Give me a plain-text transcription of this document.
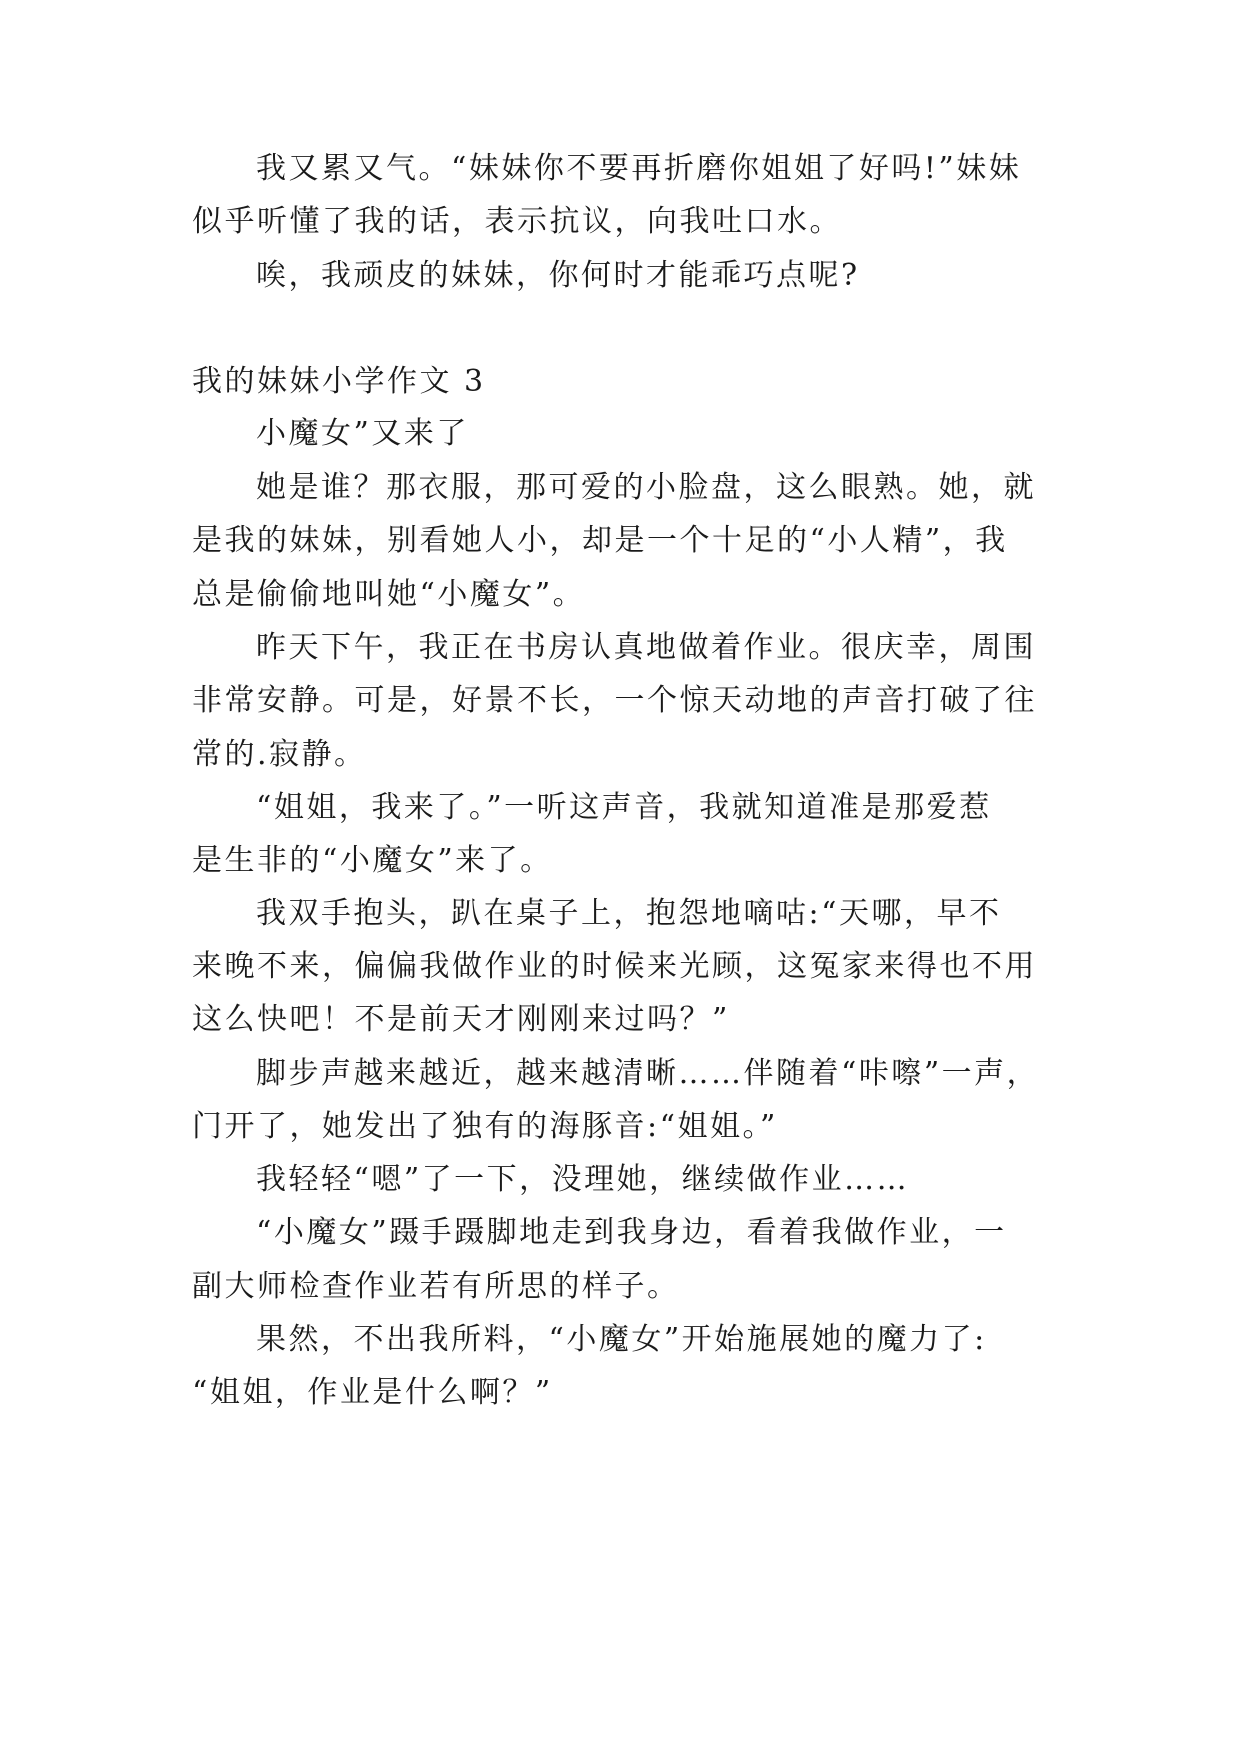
我又累又气。“妹妹你不要再折磨你姐姐了好吗!”妹妹
似乎听懂了我的话，表示抗议，向我吐口水。
唉，我顽皮的妹妹，你何时才能乖巧点呢?
我的妹妹小学作文 3
小魔女”又来了
她是谁？那衣服，那可爱的小脸盘，这么眼熟。她，就
是我的妹妹，别看她人小，却是一个十足的“小人精”，我
总是偷偷地叫她“小魔女”。
昨天下午，我正在书房认真地做着作业。很庆幸，周围
非常安静。可是，好景不长，一个惊天动地的声音打破了往
常的.寂静。
“姐姐，我来了。”一听这声音，我就知道准是那爱惹
是生非的“小魔女”来了。
我双手抱头，趴在桌子上，抱怨地嘀咕:“天哪，早不
来晚不来，偏偏我做作业的时候来光顾，这冤家来得也不用
这么快吧！不是前天才刚刚来过吗？”
脚步声越来越近，越来越清晰……伴随着“咔嚓”一声，
门开了，她发出了独有的海豚音:“姐姐。”
我轻轻“嗯”了一下，没理她，继续做作业……
“小魔女”蹑手蹑脚地走到我身边，看着我做作业，一
副大师检查作业若有所思的样子。
果然，不出我所料，“小魔女”开始施展她的魔力了:
“姐姐，作业是什么啊？”
